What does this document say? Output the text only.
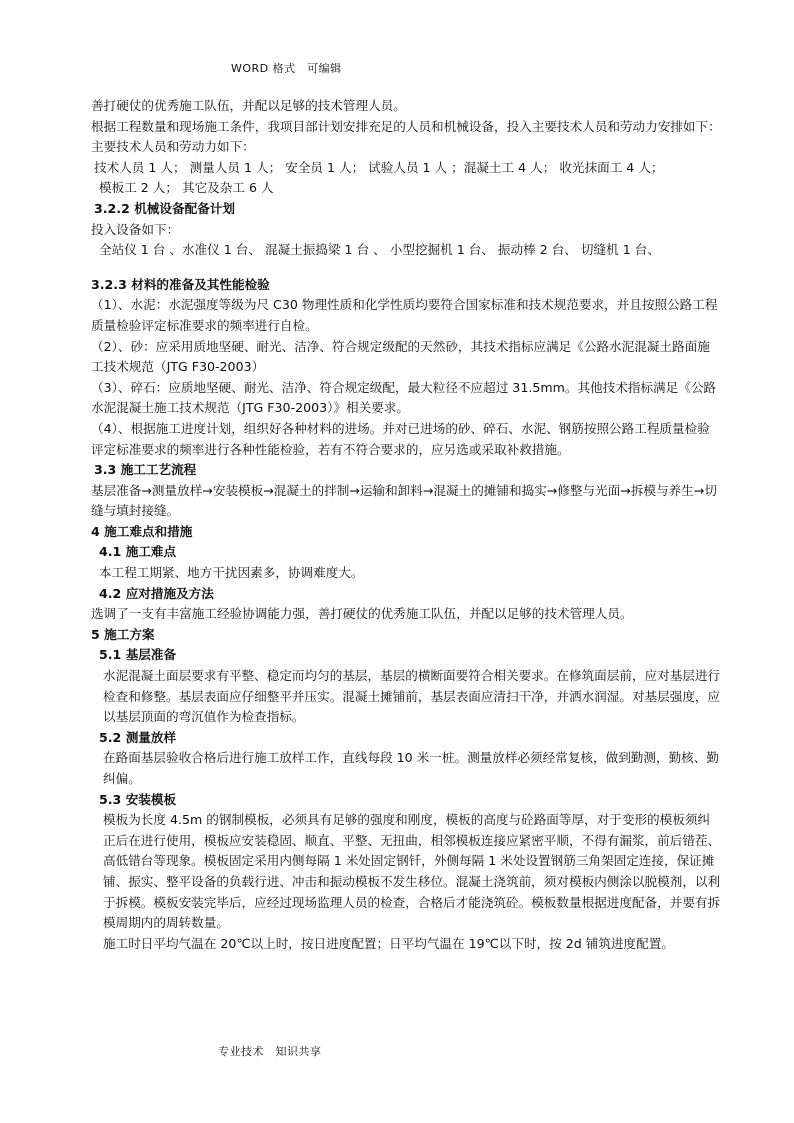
WORD 格式　可编辑

善打硬仗的优秀施工队伍，并配以足够的技术管理人员。

根据工程数量和现场施工条件，我项目部计划安排充足的人员和机械设备，投入主要技术人员和劳动力安排如下：

主要技术人员和劳动力如下：

技术人员 1 人； 测量人员 1 人； 安全员 1 人； 试验人员 1 人 ；混凝土工 4 人； 收光抹面工 4 人；

模板工 2 人； 其它及杂工 6 人

3.2.2 机械设备配备计划

投入设备如下：

全站仪 1 台 、水准仪 1 台、 混凝土振捣梁 1 台 、 小型挖掘机 1 台、 振动棒 2 台、 切缝机 1 台、

3.2.3 材料的准备及其性能检验

（1）、水泥：水泥强度等级为尺 C30 物理性质和化学性质均要符合国家标准和技术规范要求，并且按照公路工程质量检验评定标准要求的频率进行自检。

（2）、砂：应采用质地坚硬、耐光、洁净、符合规定级配的天然砂，其技术指标应满足《公路水泥混凝土路面施工技术规范（JTG F30-2003）

（3）、碎石：应质地坚硬、耐光、洁净、符合规定级配，最大粒径不应超过 31.5mm。其他技术指标满足《公路水泥混凝土施工技术规范（JTG F30-2003）》相关要求。

（4）、根据施工进度计划，组织好各种材料的进场。并对已进场的砂、碎石、水泥、钢筋按照公路工程质量检验评定标准要求的频率进行各种性能检验，若有不符合要求的，应另选或采取补救措施。

3.3 施工工艺流程

基层准备→测量放样→安装模板→混凝土的拌制→运输和卸料→混凝土的摊铺和捣实→修整与光面→拆模与养生→切缝与填封接缝。

4 施工难点和措施

4.1 施工难点

本工程工期紧、地方干扰因素多，协调难度大。

4.2 应对措施及方法

选调了一支有丰富施工经验协调能力强，善打硬仗的优秀施工队伍，并配以足够的技术管理人员。

5 施工方案

5.1 基层准备

水泥混凝土面层要求有平整、稳定而均匀的基层，基层的横断面要符合相关要求。在修筑面层前，应对基层进行检查和修整。基层表面应仔细整平并压实。混凝土摊铺前，基层表面应清扫干净，并洒水润湿。对基层强度，应以基层顶面的弯沉值作为检查指标。

5.2 测量放样

在路面基层验收合格后进行施工放样工作，直线每段 10 米一桩。测量放样必须经常复核，做到勤测，勤核、勤纠偏。

5.3 安装模板

模板为长度 4.5m 的钢制模板，必须具有足够的强度和刚度，模板的高度与砼路面等厚，对于变形的模板须纠正后在进行使用，模板应安装稳固、顺直、平整、无扭曲，相邻模板连接应紧密平顺，不得有漏浆，前后错茬、高低错台等现象。模板固定采用内侧每隔 1 米处固定钢钎，外侧每隔 1 米处设置钢筋三角架固定连接，保证摊铺、振实、整平设备的负载行进、冲击和振动模板不发生移位。混凝土浇筑前，须对模板内侧涂以脱模剂，以利于拆模。模板安装完毕后，应经过现场监理人员的检查，合格后才能浇筑砼。模板数量根据进度配备，并要有拆模周期内的周转数量。

施工时日平均气温在 20℃以上时，按日进度配置；日平均气温在 19℃以下时，按 2d 铺筑进度配置。

专业技术　知识共享
